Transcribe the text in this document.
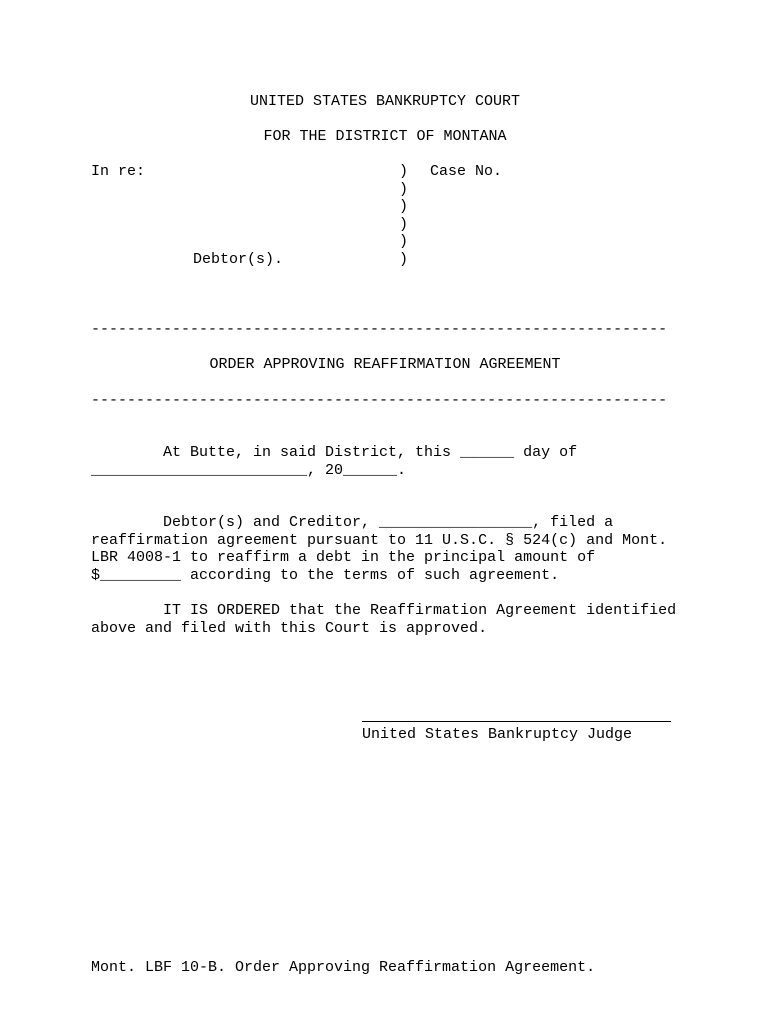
UNITED STATES BANKRUPTCY COURT
FOR THE DISTRICT OF MONTANA
In re:	) Case No.
)
)
)
)
Debtor(s).	)
----------------------------------------------------------------
ORDER APPROVING REAFFIRMATION AGREEMENT
----------------------------------------------------------------
At Butte, in said District, this ______ day of
________________________, 20______.
Debtor(s) and Creditor, _________________, filed a
reaffirmation agreement pursuant to 11 U.S.C. § 524(c) and Mont.
LBR 4008-1 to reaffirm a debt in the principal amount of
$_________ according to the terms of such agreement.
IT IS ORDERED that the Reaffirmation Agreement identified
above and filed with this Court is approved.
United States Bankruptcy Judge
Mont. LBF 10-B. Order Approving Reaffirmation Agreement.
